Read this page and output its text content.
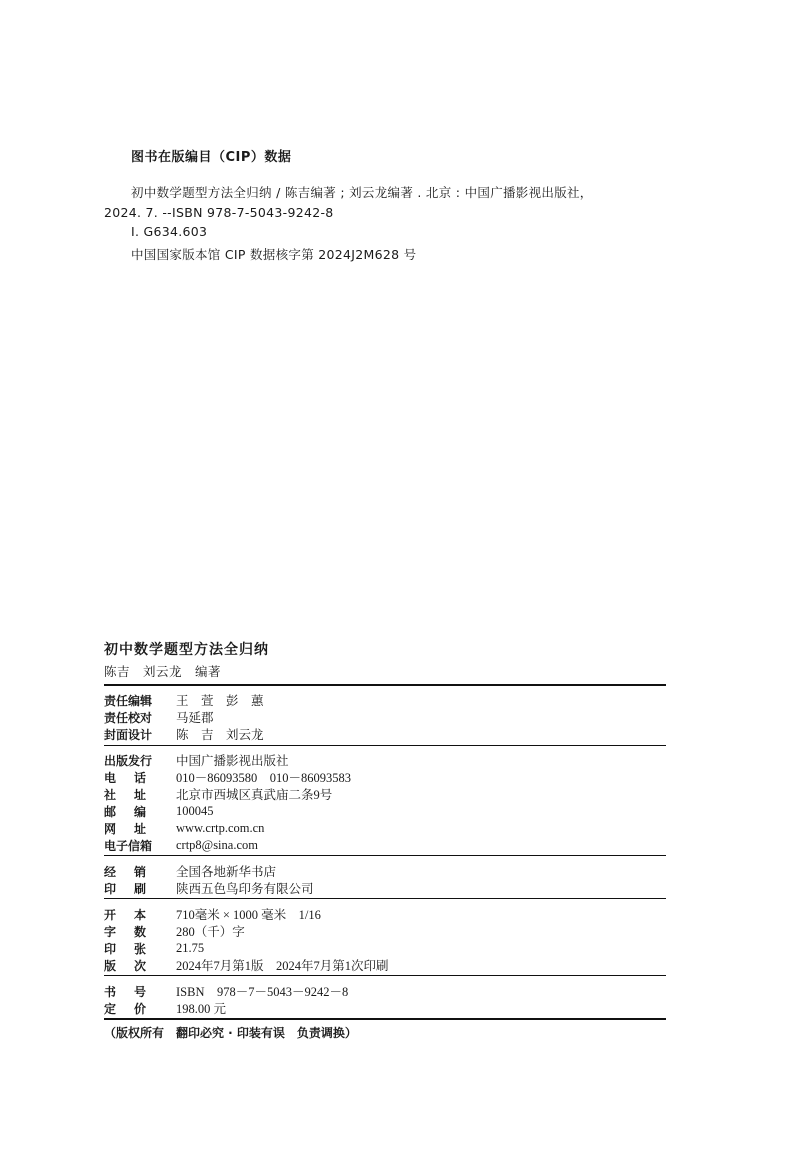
图书在版编目（CIP）数据
初中数学题型方法全归纳 / 陈吉编著 ; 刘云龙编著 . 北京 : 中国广播影视出版社，
2024. 7. --ISBN 978-7-5043-9242-8
Ⅰ. G634.603
中国国家版本馆 CIP 数据核字第 2024J2M628 号
初中数学题型方法全归纳
陈吉　刘云龙　编著
责任编辑	王　萱　彭　蕙
责任校对	马延郡
封面设计	陈　吉　刘云龙
出版发行	中国广播影视出版社
电话 010－86093580　010－86093583
社址 北京市西城区真武庙二条9号
邮编 100045
网址 www.crtp.com.cn
电子信箱	crtp8@sina.com
经销 全国各地新华书店
印刷 陕西五色鸟印务有限公司
开本 710毫米 × 1000 毫米　1/16
字数 280（千）字
印张 21.75
版次 2024年7月第1版　2024年7月第1次印刷
书号 ISBN　978－7－5043－9242－8
定价 198.00 元
（版权所有　翻印必究 · 印装有误　负责调换）
